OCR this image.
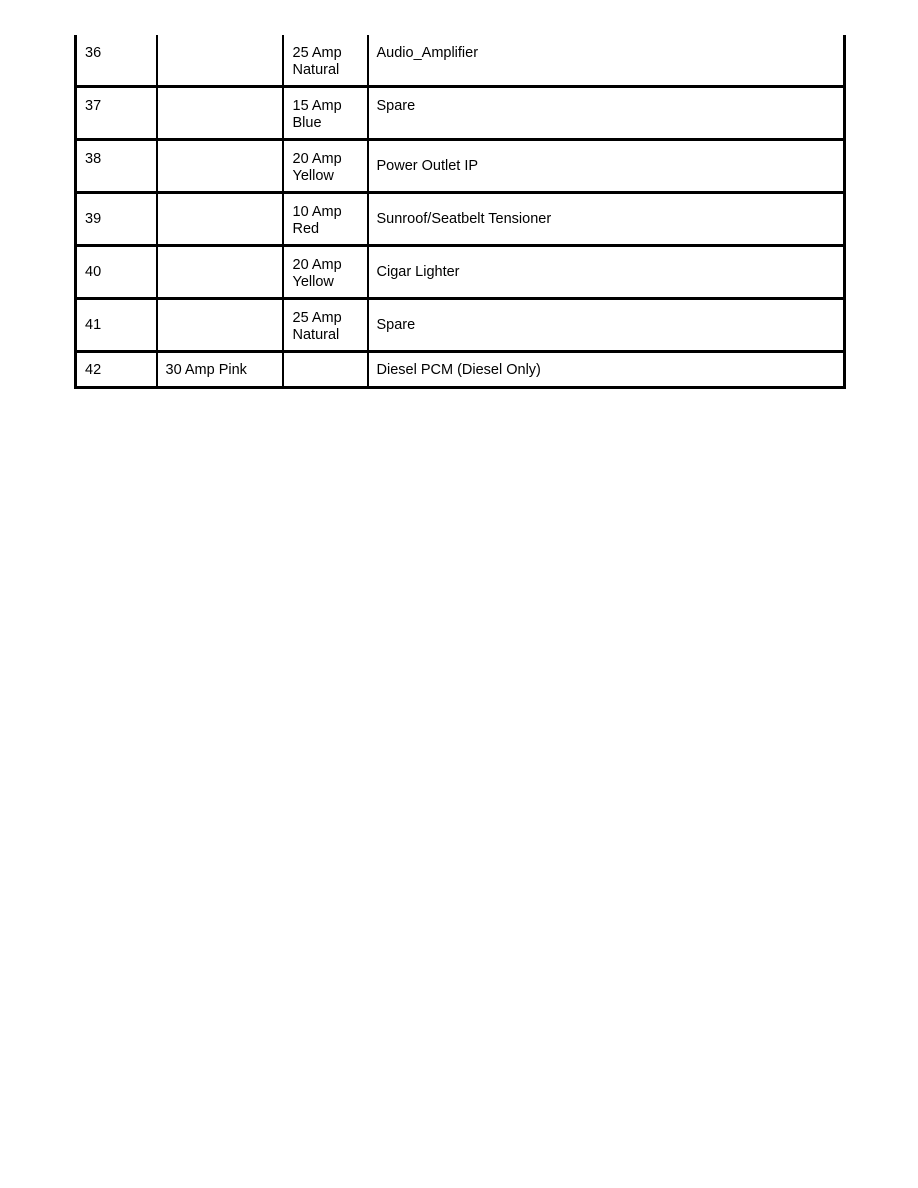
36		25 Amp
Natural	Audio_Amplifier
37		15 Amp
Blue	Spare
38		20 Amp
Yellow	Power Outlet IP
39		10 Amp
Red	Sunroof/Seatbelt Tensioner
40		20 Amp
Yellow	Cigar Lighter
41		25 Amp
Natural	Spare
42	30 Amp Pink		Diesel PCM (Diesel Only)
